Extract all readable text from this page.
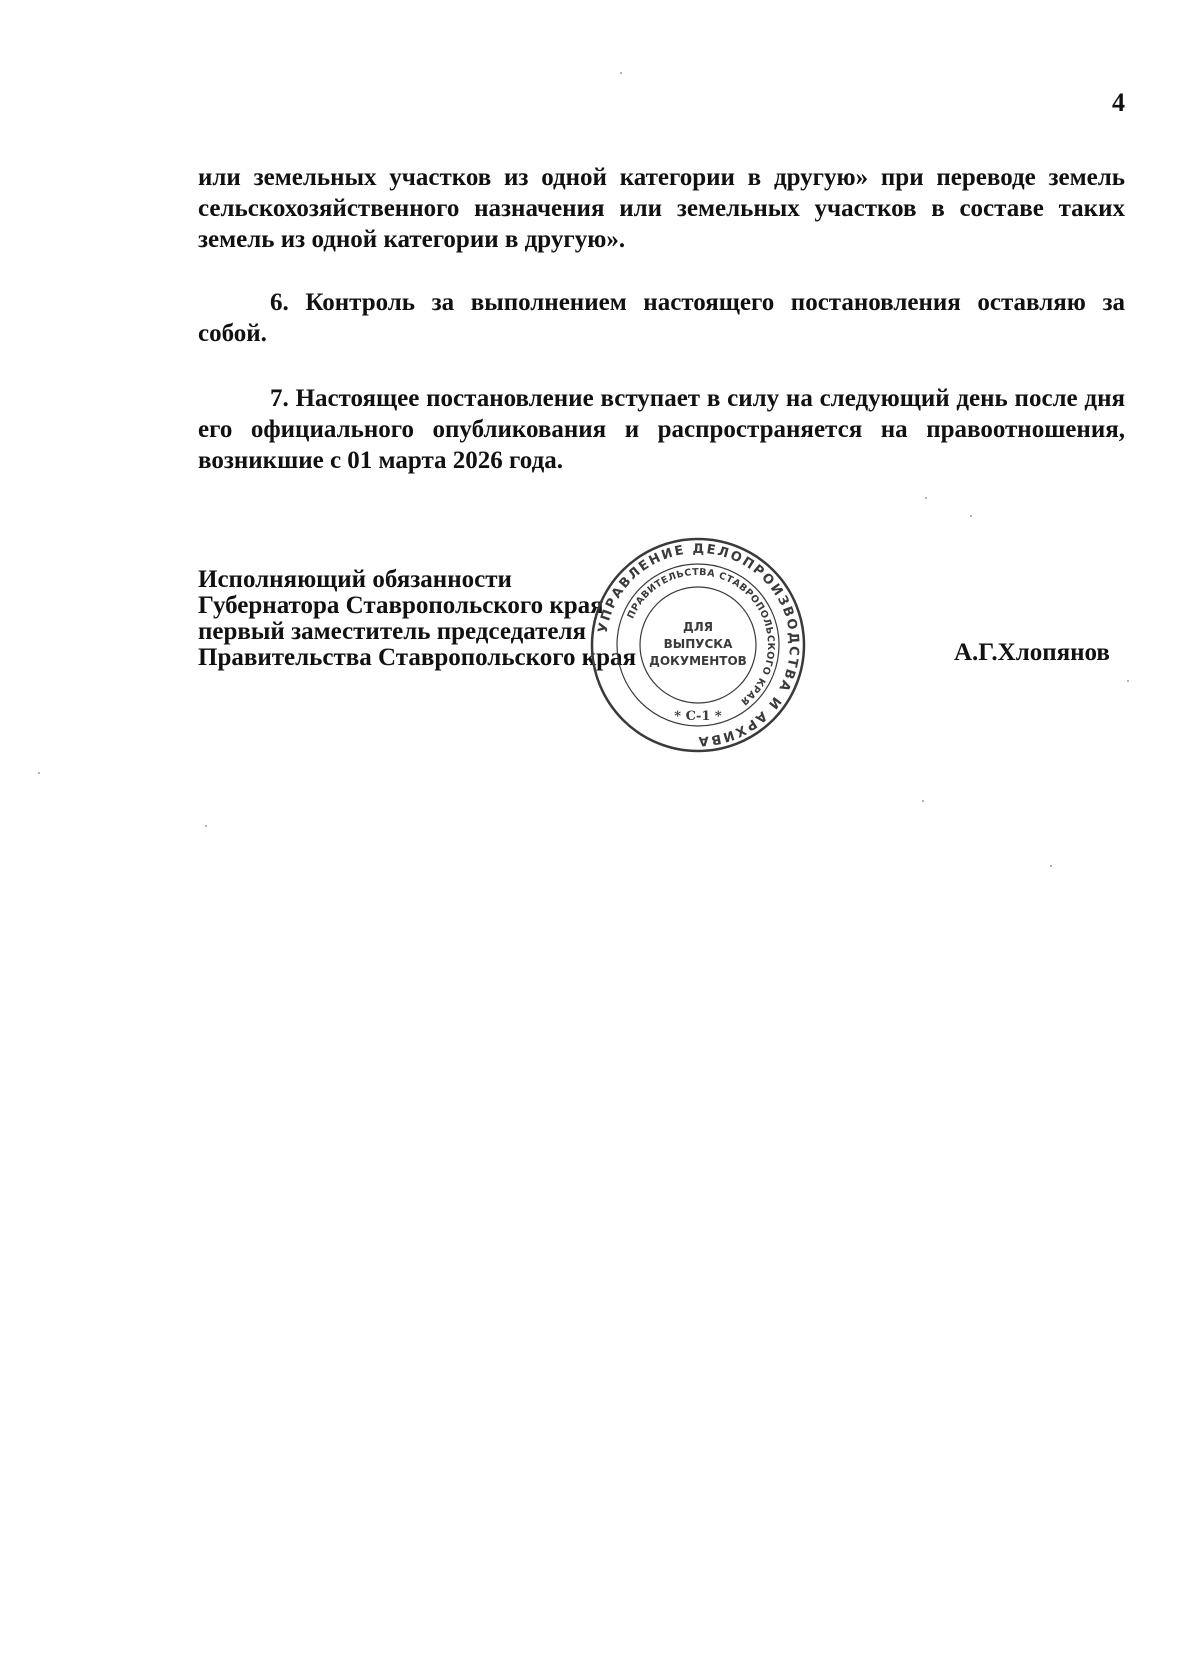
4

или земельных участков из одной категории в другую» при переводе земель сельскохозяйственного назначения или земельных участков в составе таких земель из одной категории в другую».

6. Контроль за выполнением настоящего постановления оставляю за собой.

7. Настоящее постановление вступает в силу на следующий день после дня его официального опубликования и распространяется на правоотношения, возникшие с 01 марта 2026 года.

Исполняющий обязанности
Губернатора Ставропольского края
первый заместитель председателя
Правительства Ставропольского края	А.Г.Хлопянов
УПРАВЛЕНИЕ ДЕЛОПРОИЗВОДСТВА И АРХИВА
ПРАВИТЕЛЬСТВА СТАВРОПОЛЬСКОГО КРАЯ
ДЛЯ
ВЫПУСКА
ДОКУМЕНТОВ
* С-1 *
